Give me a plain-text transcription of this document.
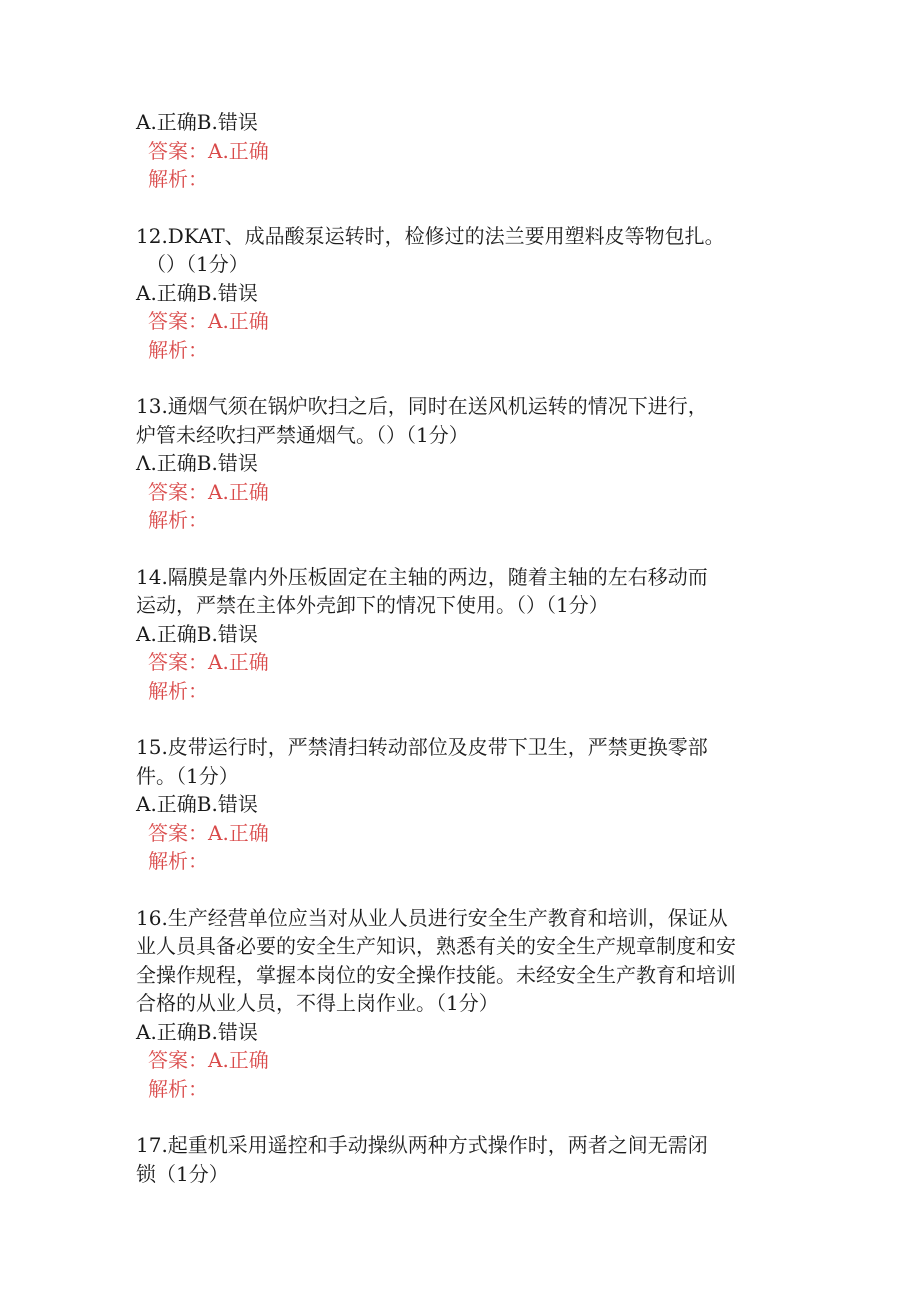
A.正确B.错误
答案：A.正确
解析：
12.DKAT、成品酸泵运转时，检修过的法兰要用塑料皮等物包扎。
（）（1分）
A.正确B.错误
答案：A.正确
解析：
13.通烟气须在锅炉吹扫之后，同时在送风机运转的情况下进行，
炉管未经吹扫严禁通烟气。（）（1分）
Λ.正确B.错误
答案：A.正确
解析：
14.隔膜是靠内外压板固定在主轴的两边，随着主轴的左右移动而
运动，严禁在主体外壳卸下的情况下使用。（）（1分）
A.正确B.错误
答案：A.正确
解析：
15.皮带运行时，严禁清扫转动部位及皮带下卫生，严禁更换零部
件。（1分）
A.正确B.错误
答案：A.正确
解析：
16.生产经营单位应当对从业人员进行安全生产教育和培训，保证从
业人员具备必要的安全生产知识，熟悉有关的安全生产规章制度和安
全操作规程，掌握本岗位的安全操作技能。未经安全生产教育和培训
合格的从业人员，不得上岗作业。（1分）
A.正确B.错误
答案：A.正确
解析：
17.起重机采用遥控和手动操纵两种方式操作时，两者之间无需闭
锁（1分）
